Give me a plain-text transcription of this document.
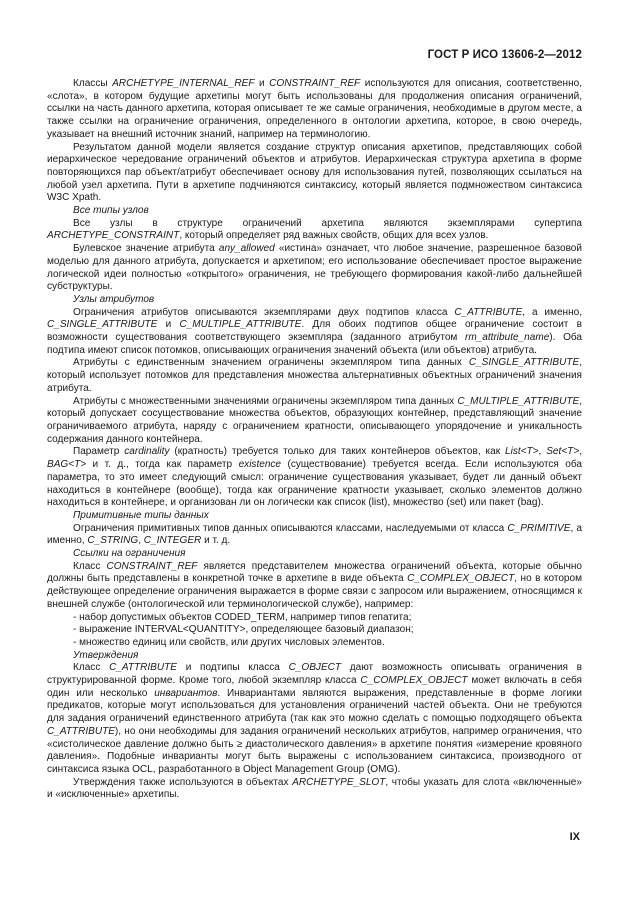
ГОСТ Р ИСО 13606-2—2012

Классы ARCHETYPE_INTERNAL_REF и CONSTRAINT_REF используются для описания, соответственно, «слота», в котором будущие архетипы могут быть использованы для продолжения описания ограничений, ссылки на часть данного архетипа, которая описывает те же самые ограничения, необходимые в другом месте, а также ссылки на ограничение ограничения, определенного в онтологии архетипа, которое, в свою очередь, указывает на внешний источник знаний, например на терминологию.

Результатом данной модели является создание структур описания архетипов, представляющих собой иерархическое чередование ограничений объектов и атрибутов. Иерархическая структура архетипа в форме повторяющихся пар объект/атрибут обеспечивает основу для использования путей, позволяющих ссылаться на любой узел архетипа. Пути в архетипе подчиняются синтаксису, который является подмножеством синтаксиса W3C Xpath.

Все типы узлов

Все узлы в структуре ограничений архетипа являются экземплярами супертипа ARCHETYPE_CONSTRAINT, который определяет ряд важных свойств, общих для всех узлов.

Булевское значение атрибута any_allowed «истина» означает, что любое значение, разрешенное базовой моделью для данного атрибута, допускается и архетипом; его использование обеспечивает простое выражение логической идеи полностью «открытого» ограничения, не требующего формирования какой-либо дальнейшей субструктуры.

Узлы атрибутов

Ограничения атрибутов описываются экземплярами двух подтипов класса C_ATTRIBUTE, а именно, C_SINGLE_ATTRIBUTE и C_MULTIPLE_ATTRIBUTE. Для обоих подтипов общее ограничение состоит в возможности существования соответствующего экземпляра (заданного атрибутом rm_attribute_name). Оба подтипа имеют список потомков, описывающих ограничения значений объекта (или объектов) атрибута.

Атрибуты с единственным значением ограничены экземпляром типа данных C_SINGLE_ATTRIBUTE, который использует потомков для представления множества альтернативных объектных ограничений значения атрибута.

Атрибуты с множественными значениями ограничены экземпляром типа данных C_MULTIPLE_ATTRIBUTE, который допускает сосуществование множества объектов, образующих контейнер, представляющий значение ограничиваемого атрибута, наряду с ограничением кратности, описывающего упорядочение и уникальность содержания данного контейнера.

Параметр cardinality (кратность) требуется только для таких контейнеров объектов, как List<T>, Set<T>, BAG<T> и т. д., тогда как параметр existence (существование) требуется всегда. Если используются оба параметра, то это имеет следующий смысл: ограничение существования указывает, будет ли данный объект находиться в контейнере (вообще), тогда как ограничение кратности указывает, сколько элементов должно находиться в контейнере, и организован ли он логически как список (list), множество (set) или пакет (bag).

Примитивные типы данных

Ограничения примитивных типов данных описываются классами, наследуемыми от класса C_PRIMITIVE, а именно, C_STRING, C_INTEGER и т. д.

Ссылки на ограничения

Класс CONSTRAINT_REF является представителем множества ограничений объекта, которые обычно должны быть представлены в конкретной точке в архетипе в виде объекта C_COMPLEX_OBJECT, но в котором действующее определение ограничения выражается в форме связи с запросом или выражением, относящимся к внешней службе (онтологической или терминологической службе), например:

- набор допустимых объектов CODED_TERM, например типов гепатита;

- выражение INTERVAL<QUANTITY>, определяющее базовый диапазон;

- множество единиц или свойств, или других числовых элементов.

Утверждения

Класс C_ATTRIBUTE и подтипы класса C_OBJECT дают возможность описывать ограничения в структурированной форме. Кроме того, любой экземпляр класса C_COMPLEX_OBJECT может включать в себя один или несколько инвариантов. Инвариантами являются выражения, представленные в форме логики предикатов, которые могут использоваться для установления ограничений частей объекта. Они не требуются для задания ограничений единственного атрибута (так как это можно сделать с помощью подходящего объекта C_ATTRIBUTE), но они необходимы для задания ограничений нескольких атрибутов, например ограничения, что «систолическое давление должно быть ≥ диастолического давления» в архетипе понятия «измерение кровяного давления». Подобные инварианты могут быть выражены с использованием синтаксиса, производного от синтаксиса языка OCL, разработанного в Object Management Group (OMG).

Утверждения также используются в объектах ARCHETYPE_SLOT, чтобы указать для слота «включенные» и «исключенные» архетипы.

IX
